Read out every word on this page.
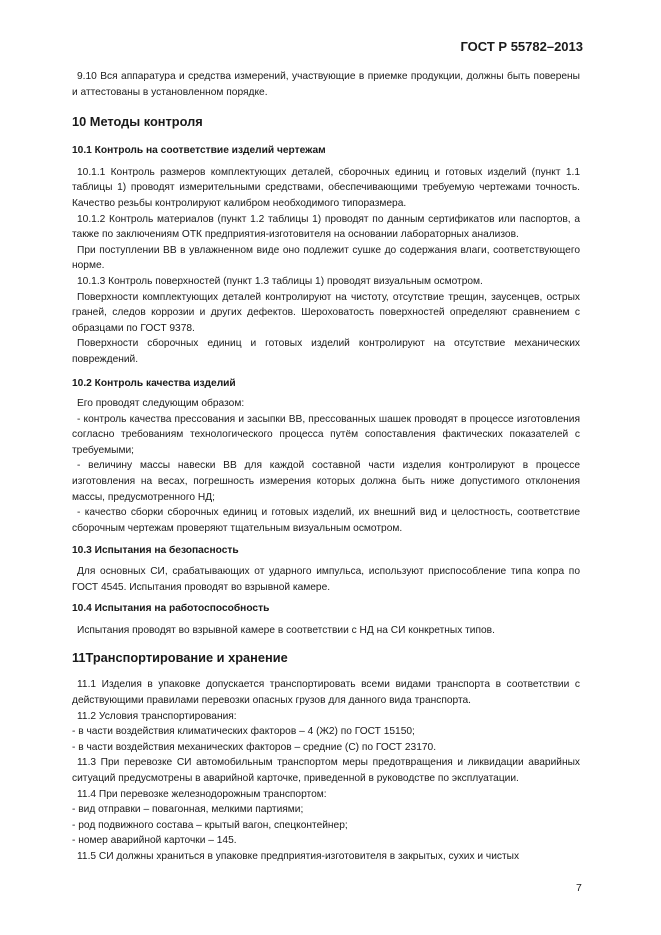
ГОСТ Р 55782–2013

9.10 Вся аппаратура и средства измерений, участвующие в приемке продукции, должны быть поверены и аттестованы в установленном порядке.

10 Методы контроля

10.1 Контроль на соответствие изделий чертежам

10.1.1 Контроль размеров комплектующих деталей, сборочных единиц и готовых изделий (пункт 1.1 таблицы 1) проводят измерительными средствами, обеспечивающими требуемую чертежами точность. Качество резьбы контролируют калибром необходимого типоразмера.

10.1.2 Контроль материалов (пункт 1.2 таблицы 1) проводят по данным сертификатов или паспортов, а также по заключениям ОТК предприятия-изготовителя на основании лабораторных анализов.

При поступлении ВВ в увлажненном виде оно подлежит сушке до содержания влаги, соответствующего норме.

10.1.3 Контроль поверхностей (пункт 1.3 таблицы 1) проводят визуальным осмотром.

Поверхности комплектующих деталей контролируют на чистоту, отсутствие трещин, заусенцев, острых граней, следов коррозии и других дефектов. Шероховатость поверхностей определяют сравнением с образцами по ГОСТ 9378.

Поверхности сборочных единиц и готовых изделий контролируют на отсутствие механических повреждений.

10.2 Контроль качества изделий

Его проводят следующим образом:

- контроль качества прессования и засыпки ВВ, прессованных шашек проводят в процессе изготовления согласно требованиям технологического процесса путём сопоставления фактических показателей с требуемыми;

- величину массы навески ВВ для каждой составной части изделия контролируют в процессе изготовления на весах, погрешность измерения которых должна быть ниже допустимого отклонения массы, предусмотренного НД;

- качество сборки сборочных единиц и готовых изделий, их внешний вид и целостность, соответствие сборочным чертежам проверяют тщательным визуальным осмотром.

10.3 Испытания на безопасность

Для основных СИ, срабатывающих от ударного импульса, используют приспособление типа копра по ГОСТ 4545. Испытания проводят во взрывной камере.

10.4 Испытания на работоспособность

Испытания проводят во взрывной камере в соответствии с НД на СИ конкретных типов.

11Транспортирование и хранение

11.1 Изделия в упаковке допускается транспортировать всеми видами транспорта в соответствии с действующими правилами перевозки опасных грузов для данного вида транспорта.

11.2 Условия транспортирования:

- в части воздействия климатических факторов – 4 (Ж2) по ГОСТ 15150;

- в части воздействия механических факторов – средние (С) по ГОСТ 23170.

11.3 При перевозке СИ автомобильным транспортом меры предотвращения и ликвидации аварийных ситуаций предусмотрены в аварийной карточке, приведенной в руководстве по эксплуатации.

11.4 При перевозке железнодорожным транспортом:

- вид отправки – повагонная, мелкими партиями;

- род подвижного состава – крытый вагон, спецконтейнер;

- номер аварийной карточки – 145.

11.5 СИ должны храниться в упаковке предприятия-изготовителя в закрытых, сухих и чистых

7
